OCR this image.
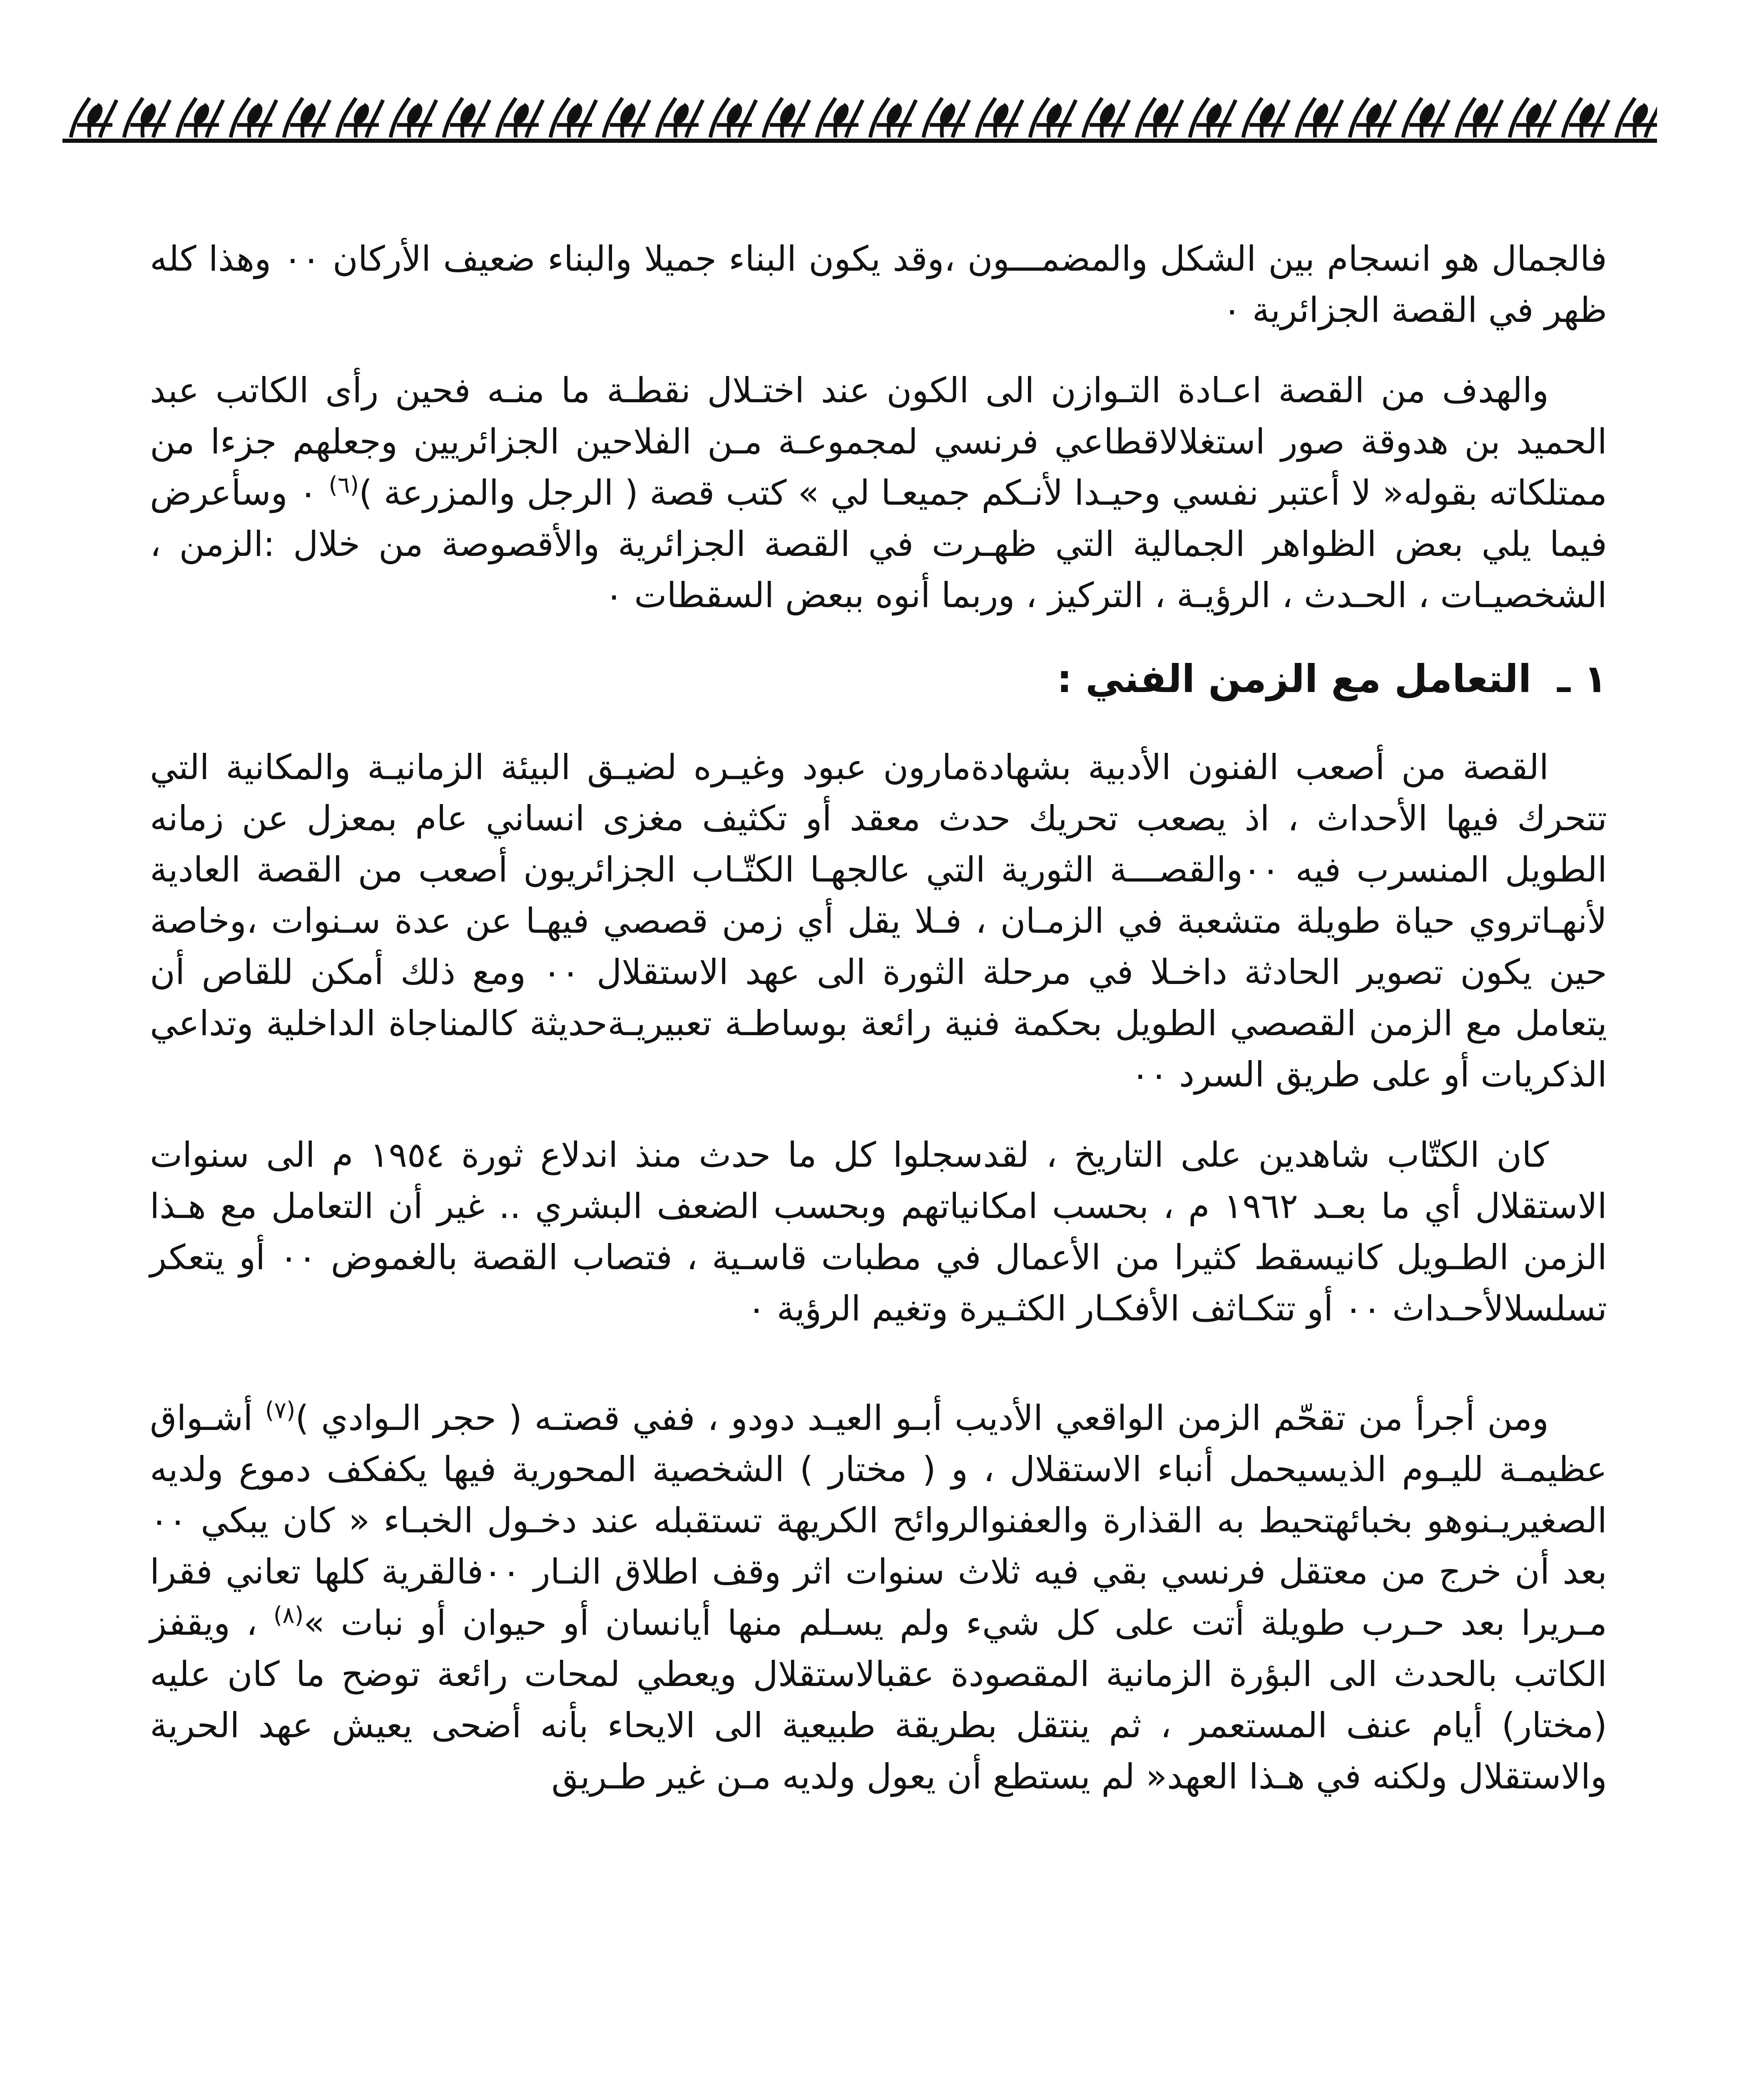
فالجمال هو انسجام بين الشكل والمضمـــون ،وقد يكون البناء جميلا والبناء ضعيف الأركان ٠٠ وهذا كله ظهر في القصة الجزائرية ٠

والهدف من القصة اعـادة التـوازن الى الكون عند اختـلال نقطـة ما منـه فحين رأى الكاتب عبد الحميد بن هدوقة صور استغلالاقطاعي فرنسي لمجموعـة مـن الفلاحين الجزائريين وجعلهم جزءا من ممتلكاته بقوله« لا أعتبر نفسي وحيـدا لأنـكم جميعـا لي » كتب قصة ( الرجل والمزرعة )$^{(٦)}$ ٠ وسأعرض فيما يلي بعض الظواهر الجمالية التي ظهـرت في القصة الجزائرية والأقصوصة من خلال :الزمن ، الشخصيـات ، الحـدث ، الرؤيـة ، التركيز ، وربما أنوه ببعض السقطات ٠

١ ـ التعامل مع الزمن الفني :

القصة من أصعب الفنون الأدبية بشهادةمارون عبود وغيـره لضيـق البيئة الزمانيـة والمكانية التي تتحرك فيها الأحداث ، اذ يصعب تحريك حدث معقد أو تكثيف مغزى انساني عام بمعزل عن زمانه الطويل المنسرب فيه ٠٠والقصـــة الثورية التي عالجهـا الكتّـاب الجزائريون أصعب من القصة العادية لأنهـاتروي حياة طويلة متشعبة في الزمـان ، فـلا يقل أي زمن قصصي فيهـا عن عدة سـنوات ،وخاصة حين يكون تصوير الحادثة داخـلا في مرحلة الثورة الى عهد الاستقلال ٠٠ ومع ذلك أمكن للقاص أن يتعامل مع الزمن القصصي الطويل بحكمة فنية رائعة بوساطـة تعبيريـةحديثة كالمناجاة الداخلية وتداعي الذكريات أو على طريق السرد ٠٠

كان الكتّاب شاهدين على التاريخ ، لقدسجلوا كل ما حدث منذ اندلاع ثورة ١٩٥٤ م الى سنوات الاستقلال أي ما بعـد ١٩٦٢ م ، بحسب امكانياتهم وبحسب الضعف البشري .. غير أن التعامل مع هـذا الزمن الطـويل كانيسقط كثيرا من الأعمال في مطبات قاسـية ، فتصاب القصة بالغموض ٠٠ أو يتعكر تسلسلالأحـداث ٠٠ أو تتكـاثف الأفكـار الكثـيرة وتغيم الرؤية ٠

ومن أجرأ من تقحّم الزمن الواقعي الأديب أبـو العيـد دودو ، ففي قصتـه ( حجر الـوادي )$^{(٧)}$ أشـواق عظيمـة لليـوم الذيسيحمل أنباء الاستقلال ، و ( مختار ) الشخصية المحورية فيها يكفكف دموع ولديه الصغيريـنوهو بخبائهتحيط به القذارة والعفنوالروائح الكريهة تستقبله عند دخـول الخبـاء « كان يبكي ٠٠ بعد أن خرج من معتقل فرنسي بقي فيه ثلاث سنوات اثر وقف اطلاق النـار ٠٠فالقرية كلها تعاني فقرا مـريرا بعد حـرب طويلة أتت على كل شيء ولم يسـلم منها أيانسان أو حيوان أو نبات »$^{(٨)}$ ، ويقفز الكاتب بالحدث الى البؤرة الزمانية المقصودة عقبالاستقلال ويعطي لمحات رائعة توضح ما كان عليه (مختار) أيام عنف المستعمر ، ثم ينتقل بطريقة طبيعية الى الايحاء بأنه أضحى يعيش عهد الحرية والاستقلال ولكنه في هـذا العهد« لم يستطع أن يعول ولديه مـن غير طـريق
